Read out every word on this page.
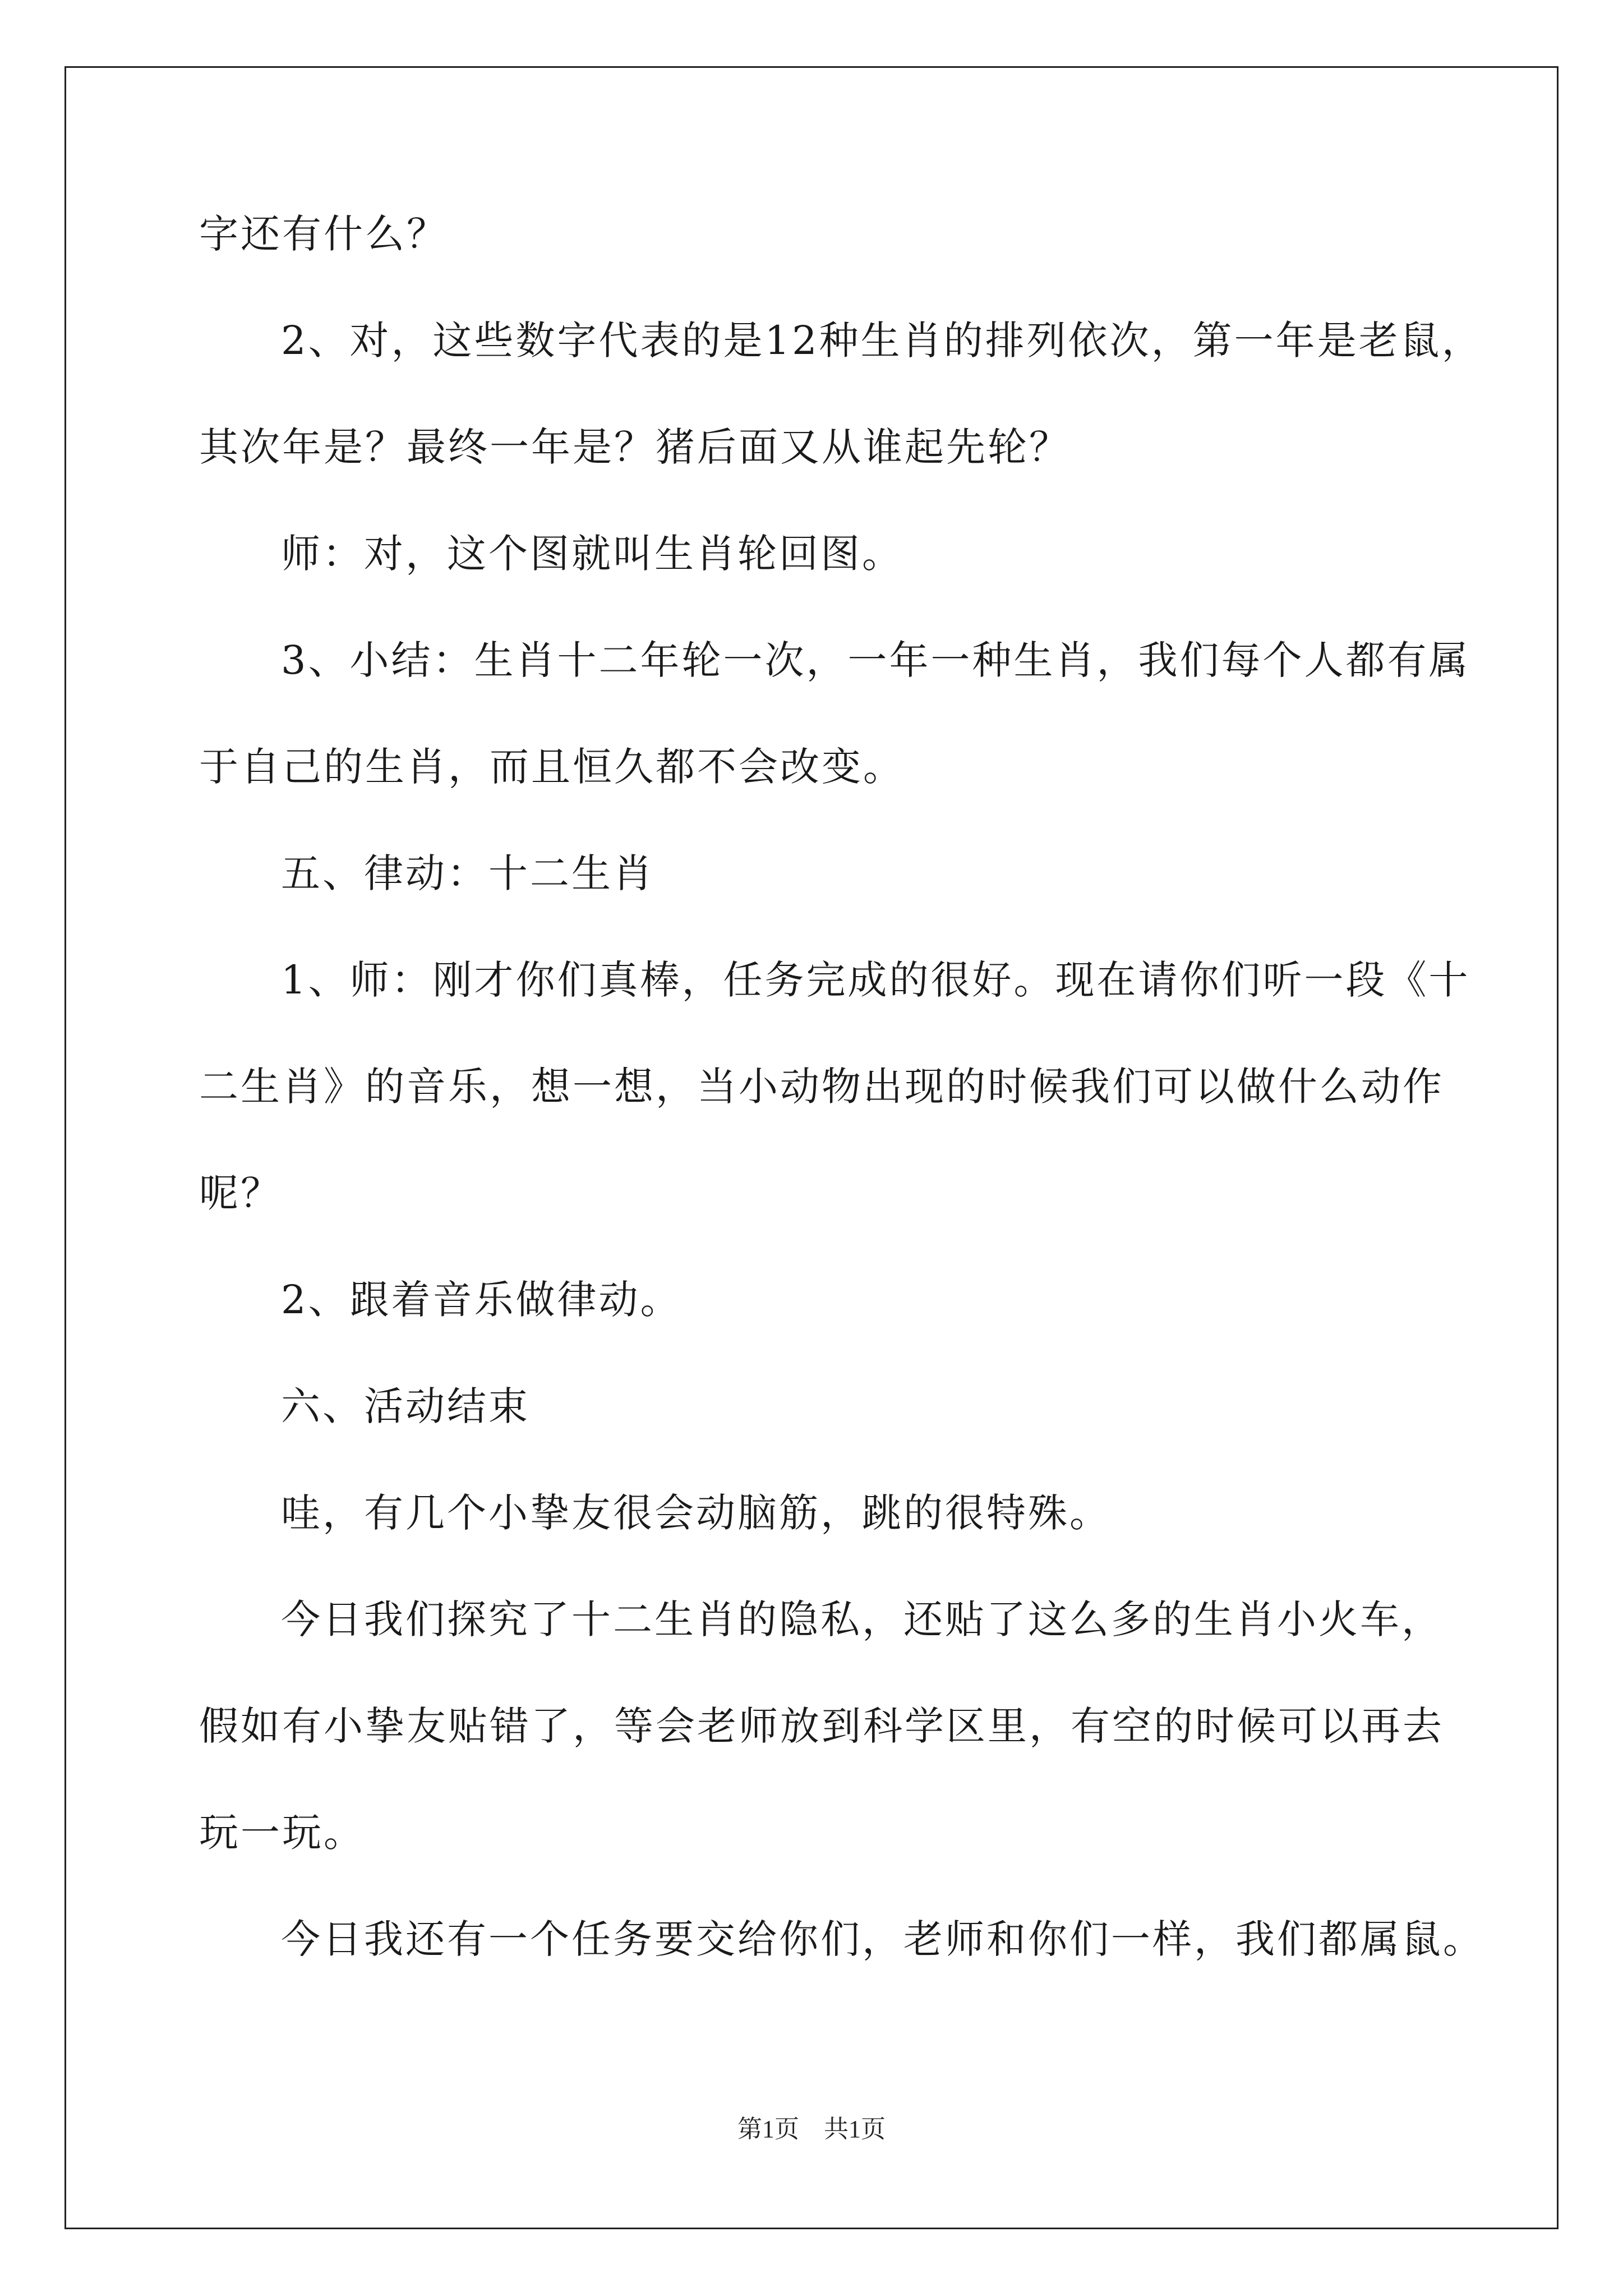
字还有什么？
2、对，这些数字代表的是12种生肖的排列依次，第一年是老鼠，
其次年是？最终一年是？猪后面又从谁起先轮？
师：对，这个图就叫生肖轮回图。
3、小结：生肖十二年轮一次，一年一种生肖，我们每个人都有属
于自己的生肖，而且恒久都不会改变。
五、律动：十二生肖
1、师：刚才你们真棒，任务完成的很好。现在请你们听一段《十
二生肖》的音乐，想一想，当小动物出现的时候我们可以做什么动作
呢？
2、跟着音乐做律动。
六、活动结束
哇，有几个小挚友很会动脑筋，跳的很特殊。
今日我们探究了十二生肖的隐私，还贴了这么多的生肖小火车，
假如有小挚友贴错了，等会老师放到科学区里，有空的时候可以再去
玩一玩。
今日我还有一个任务要交给你们，老师和你们一样，我们都属鼠。
第1页　共1页
